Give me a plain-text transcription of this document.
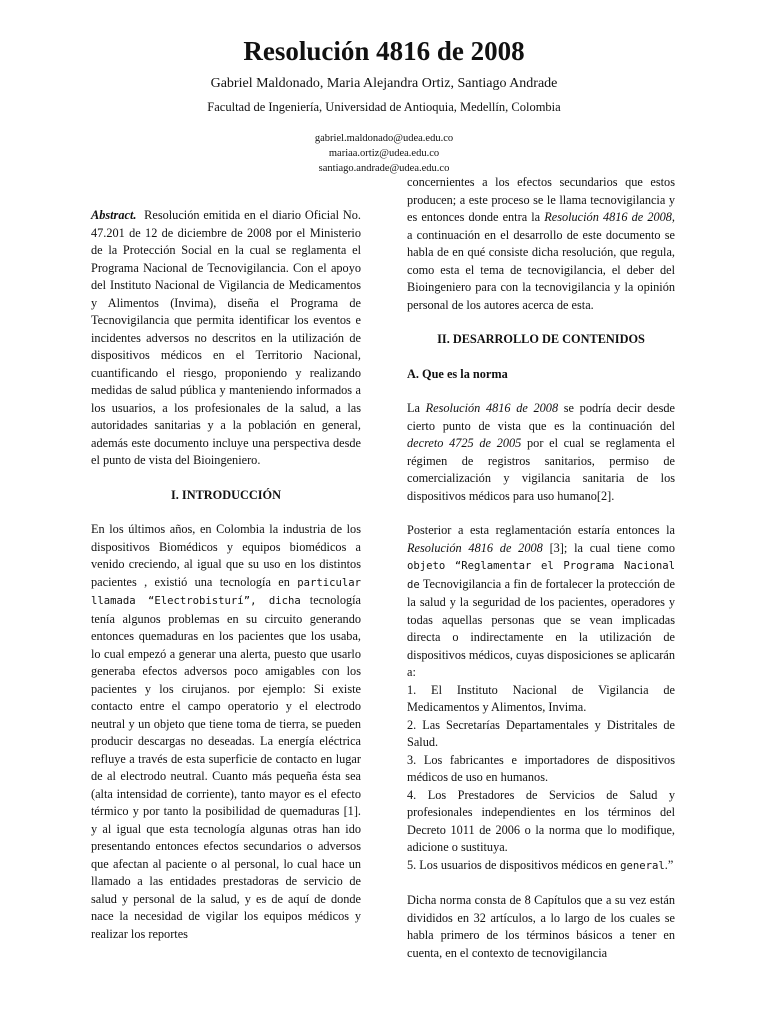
Resolución 4816 de 2008
Gabriel Maldonado, Maria Alejandra Ortiz, Santiago Andrade
Facultad de Ingeniería, Universidad de Antioquia, Medellín, Colombia
gabriel.maldonado@udea.edu.co
mariaa.ortiz@udea.edu.co
santiago.andrade@udea.edu.co

Abstract. Resolución emitida en el diario Oficial No. 47.201 de 12 de diciembre de 2008 por el Ministerio de la Protección Social en la cual se reglamenta el Programa Nacional de Tecnovigilancia. Con el apoyo del Instituto Nacional de Vigilancia de Medicamentos y Alimentos (Invima), diseña el Programa de Tecnovigilancia que permita identificar los eventos e incidentes adversos no descritos en la utilización de dispositivos médicos en el Territorio Nacional, cuantificando el riesgo, proponiendo y realizando medidas de salud pública y manteniendo informados a los usuarios, a los profesionales de la salud, a las autoridades sanitarias y a la población en general, además este documento incluye una perspectiva desde el punto de vista del Bioingeniero.

I. INTRODUCCIÓN

En los últimos años, en Colombia la industria de los dispositivos Biomédicos y equipos biomédicos a venido creciendo, al igual que su uso en los distintos pacientes , existió una tecnología en particular llamada “Electrobisturí”, dicha tecnología tenía algunos problemas en su circuito generando entonces quemaduras en los pacientes que los usaba, lo cual empezó a generar una alerta, puesto que usarlo generaba efectos adversos poco amigables con los pacientes y los cirujanos. por ejemplo: Si existe contacto entre el campo operatorio y el electrodo neutral y un objeto que tiene toma de tierra, se pueden producir descargas no deseadas. La energía eléctrica refluye a través de esta superficie de contacto en lugar de al electrodo neutral. Cuanto más pequeña ésta sea (alta intensidad de corriente), tanto mayor es el efecto térmico y por tanto la posibilidad de quemaduras [1]. y al igual que esta tecnología algunas otras han ido presentando entonces efectos secundarios o adversos que afectan al paciente o al personal, lo cual hace un llamado a las entidades prestadoras de servicio de salud y personal de la salud, y es de aquí de donde nace la necesidad de vigilar los equipos médicos y realizar los reportes

concernientes a los efectos secundarios que estos producen; a este proceso se le llama tecnovigilancia y es entonces donde entra la Resolución 4816 de 2008, a continuación en el desarrollo de este documento se habla de en qué consiste dicha resolución, que regula, como esta el tema de tecnovigilancia, el deber del Bioingeniero para con la tecnovigilancia y la opinión personal de los autores acerca de esta.

II. DESARROLLO DE CONTENIDOS

A. Que es la norma

La Resolución 4816 de 2008 se podría decir desde cierto punto de vista que es la continuación del decreto 4725 de 2005 por el cual se reglamenta el régimen de registros sanitarios, permiso de comercialización y vigilancia sanitaria de los dispositivos médicos para uso humano[2].

Posterior a esta reglamentación estaría entonces la Resolución 4816 de 2008 [3]; la cual tiene como objeto “Reglamentar el Programa Nacional de Tecnovigilancia a fin de fortalecer la protección de la salud y la seguridad de los pacientes, operadores y todas aquellas personas que se vean implicadas directa o indirectamente en la utilización de dispositivos médicos, cuyas disposiciones se aplicarán a:

1. El Instituto Nacional de Vigilancia de Medicamentos y Alimentos, Invima.

2. Las Secretarías Departamentales y Distritales de Salud.

3. Los fabricantes e importadores de dispositivos médicos de uso en humanos.

4. Los Prestadores de Servicios de Salud y profesionales independientes en los términos del Decreto 1011 de 2006 o la norma que lo modifique, adicione o sustituya.

5. Los usuarios de dispositivos médicos en general.”

Dicha norma consta de 8 Capítulos que a su vez están divididos en 32 artículos, a lo largo de los cuales se habla primero de los términos básicos a tener en cuenta, en el contexto de tecnovigilancia
